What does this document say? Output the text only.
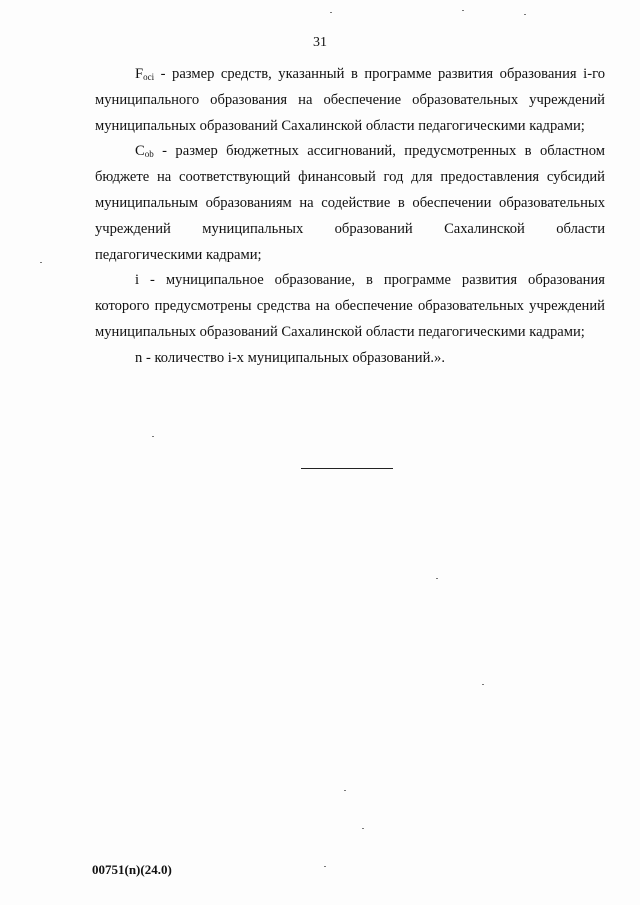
31

$F_{oci}$ - размер средств, указанный в программе развития образования i-го муниципального образования на обеспечение образовательных учреждений муниципальных образований Сахалинской области педагогическими кадрами;

$C_{ob}$ - размер бюджетных ассигнований, предусмотренных в областном бюджете на соответствующий финансовый год для предоставления субсидий муниципальным образованиям на содействие в обеспечении образовательных учреждений муниципальных образований Сахалинской области педагогическими кадрами;

i - муниципальное образование, в программе развития образования которого предусмотрены средства на обеспечение образовательных учреждений муниципальных образований Сахалинской области педагогическими кадрами;

n - количество i-х муниципальных образований.».

00751(n)(24.0)
